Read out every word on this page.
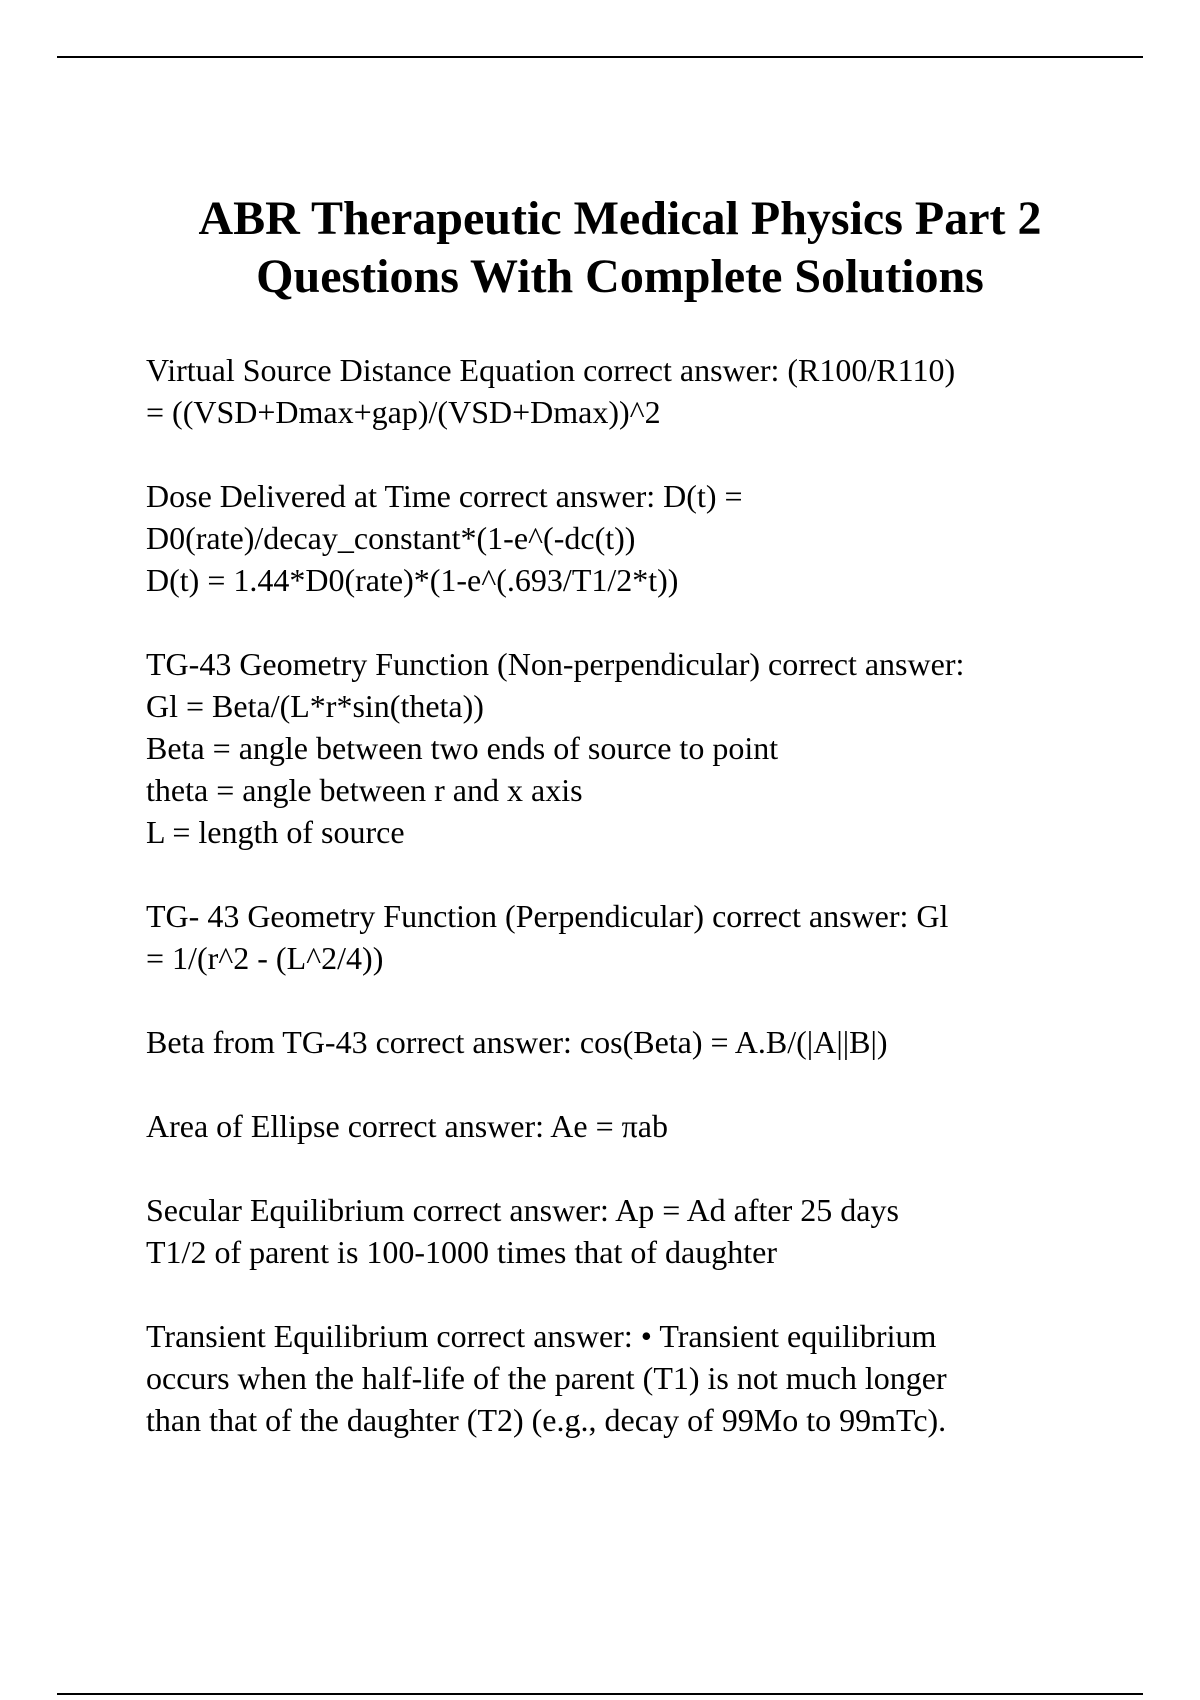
ABR Therapeutic Medical Physics Part 2
Questions With Complete Solutions
Virtual Source Distance Equation correct answer: (R100/R110)
= ((VSD+Dmax+gap)/(VSD+Dmax))^2
Dose Delivered at Time correct answer: D(t) =
D0(rate)/decay_constant*(1-e^(-dc(t))
D(t) = 1.44*D0(rate)*(1-e^(.693/T1/2*t))
TG-43 Geometry Function (Non-perpendicular) correct answer:
Gl = Beta/(L*r*sin(theta))
Beta = angle between two ends of source to point
theta = angle between r and x axis
L = length of source
TG- 43 Geometry Function (Perpendicular) correct answer: Gl
= 1/(r^2 - (L^2/4))
Beta from TG-43 correct answer: cos(Beta) = A.B/(|A||B|)
Area of Ellipse correct answer: Ae = πab
Secular Equilibrium correct answer: Ap = Ad after 25 days
T1/2 of parent is 100-1000 times that of daughter
Transient Equilibrium correct answer: • Transient equilibrium
occurs when the half-life of the parent (T1) is not much longer
than that of the daughter (T2) (e.g., decay of 99Mo to 99mTc).
